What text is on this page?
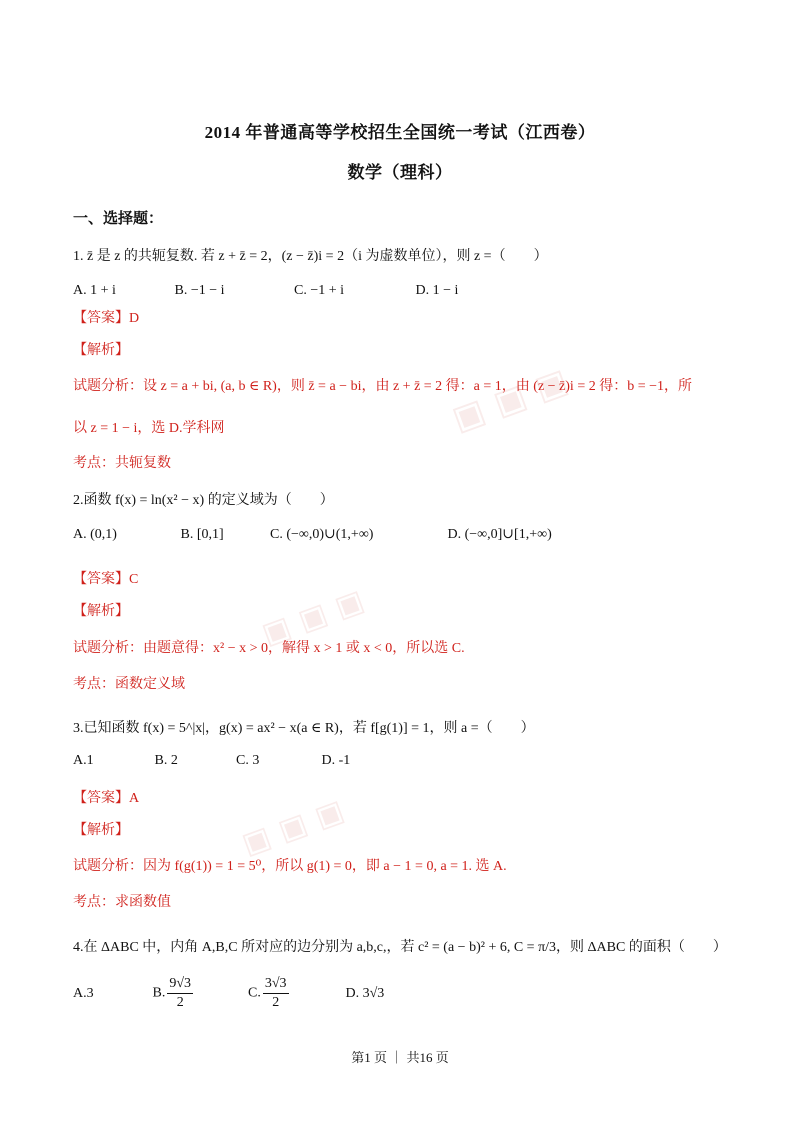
▣ ▣ ▣
▣ ▣ ▣
▣ ▣ ▣
2014 年普通高等学校招生全国统一考试（江西卷）
数学（理科）
一、选择题：
1. z̄ 是 z 的共轭复数. 若 z + z̄ = 2，(z − z̄)i = 2（i 为虚数单位），则 z =（　　）
A. 1 + i	B. −1 − i	C. −1 + i	D. 1 − i
【答案】D
【解析】
试题分析：设 z = a + bi, (a, b ∈ R)，则 z̄ = a − bi，由 z + z̄ = 2 得：a = 1，由 (z − z̄)i = 2 得：b = −1，所
以 z = 1 − i，选 D.学科网
考点：共轭复数
2.函数 f(x) = ln(x² − x) 的定义域为（　　）
A. (0,1)	B. [0,1]	C. (−∞,0)∪(1,+∞)	D. (−∞,0]∪[1,+∞)
【答案】C
【解析】
试题分析：由题意得：x² − x > 0，解得 x > 1 或 x < 0，所以选 C.
考点：函数定义域
3.已知函数 f(x) = 5^|x|，g(x) = ax² − x(a ∈ R)，若 f[g(1)] = 1，则 a =（　　）
A.1	B. 2	C. 3	D. -1
【答案】A
【解析】
试题分析：因为 f(g(1)) = 1 = 5⁰，所以 g(1) = 0，即 a − 1 = 0, a = 1. 选 A.
考点：求函数值
4.在 ΔABC 中，内角 A,B,C 所对应的边分别为 a,b,c,，若 c² = (a − b)² + 6, C = π/3，则 ΔABC 的面积（　　）
A.3	B. $\frac{9√3}{2}$	C. $\frac{3√3}{2}$	D. 3√3
第1 页 ｜ 共16 页
